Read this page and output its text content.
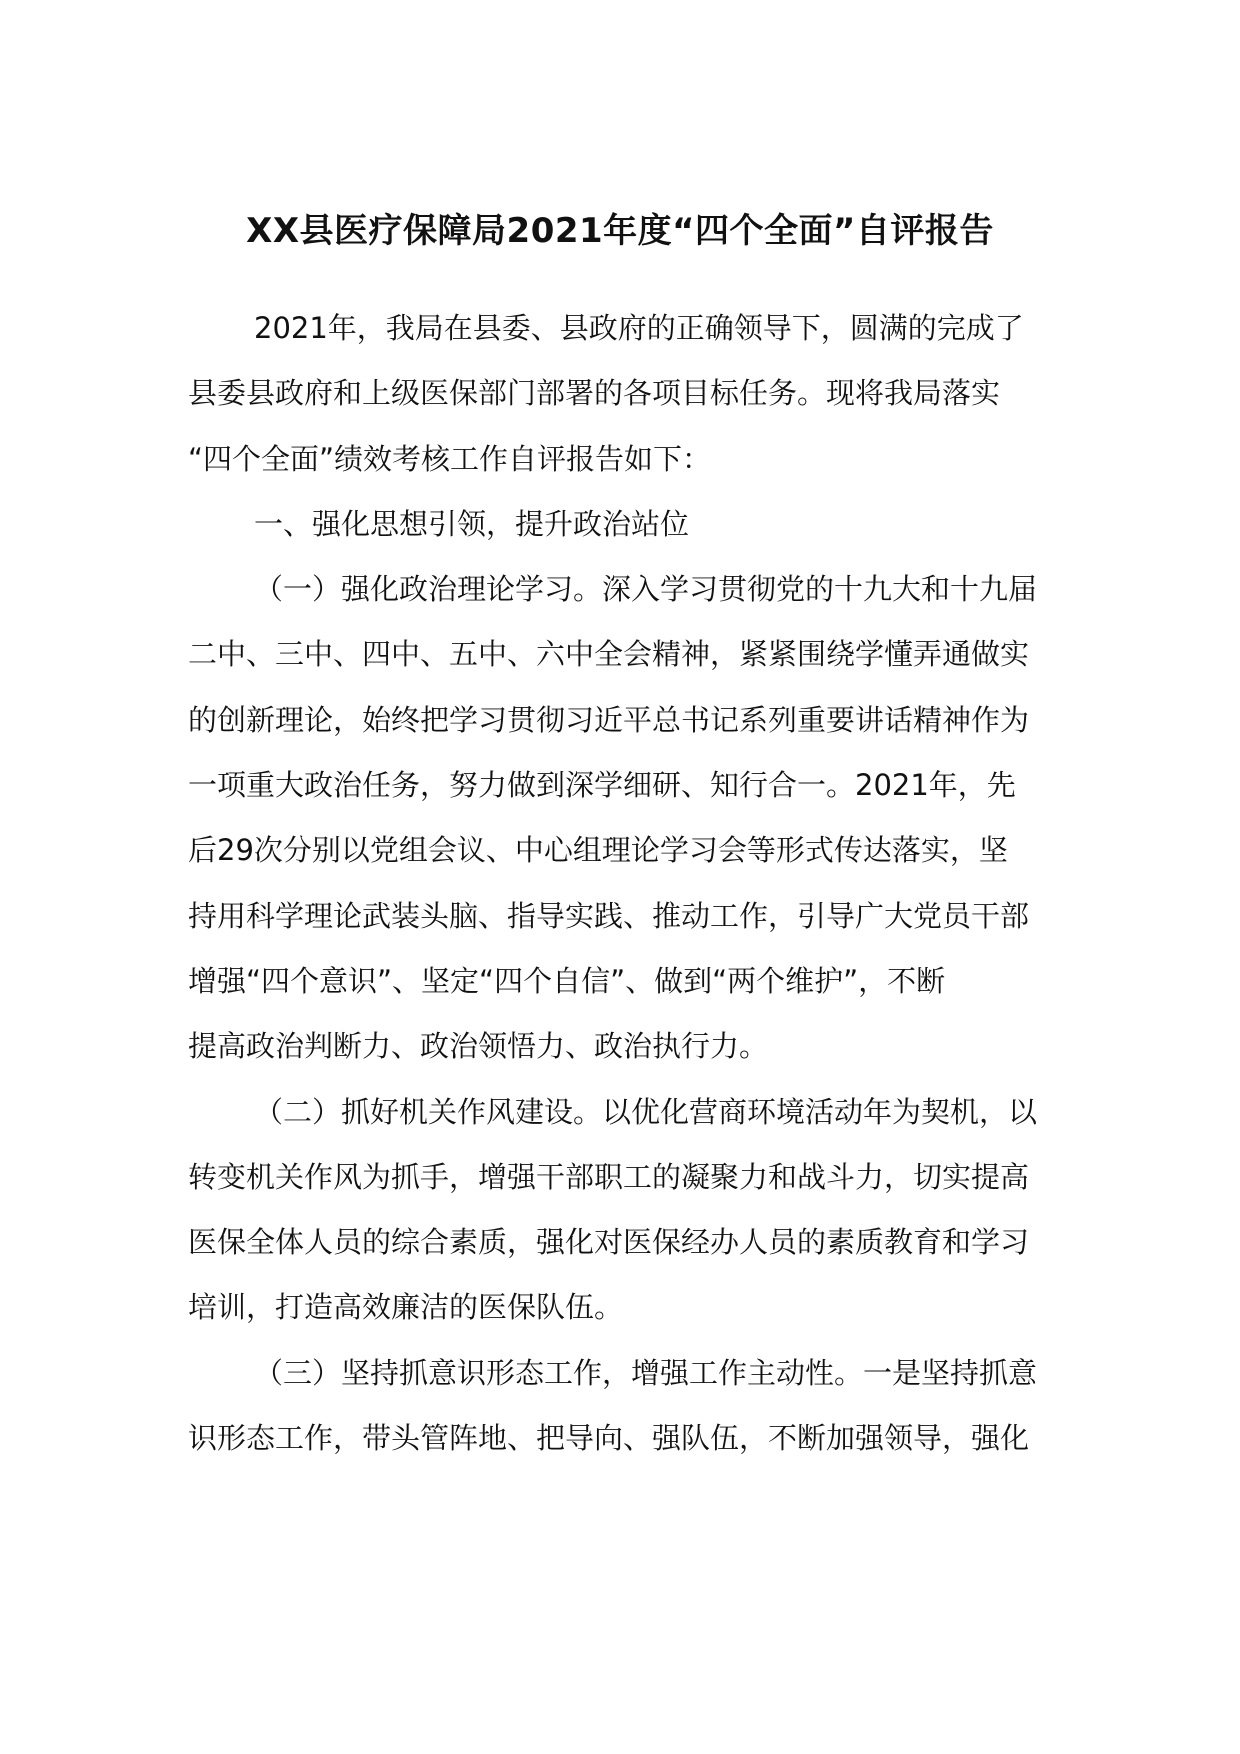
XX县医疗保障局2021年度“四个全面”自评报告

2021年，我局在县委、县政府的正确领导下，圆满的完成了
县委县政府和上级医保部门部署的各项目标任务。现将我局落实
“四个全面”绩效考核工作自评报告如下：

一、强化思想引领，提升政治站位

（一）强化政治理论学习。深入学习贯彻党的十九大和十九届
二中、三中、四中、五中、六中全会精神，紧紧围绕学懂弄通做实
的创新理论，始终把学习贯彻习近平总书记系列重要讲话精神作为
一项重大政治任务，努力做到深学细研、知行合一。2021年，先
后29次分别以党组会议、中心组理论学习会等形式传达落实，坚
持用科学理论武装头脑、指导实践、推动工作，引导广大党员干部
增强“四个意识”、坚定“四个自信”、做到“两个维护”，不断
提高政治判断力、政治领悟力、政治执行力。

（二）抓好机关作风建设。以优化营商环境活动年为契机，以
转变机关作风为抓手，增强干部职工的凝聚力和战斗力，切实提高
医保全体人员的综合素质，强化对医保经办人员的素质教育和学习
培训，打造高效廉洁的医保队伍。

（三）坚持抓意识形态工作，增强工作主动性。一是坚持抓意
识形态工作，带头管阵地、把导向、强队伍，不断加强领导，强化
